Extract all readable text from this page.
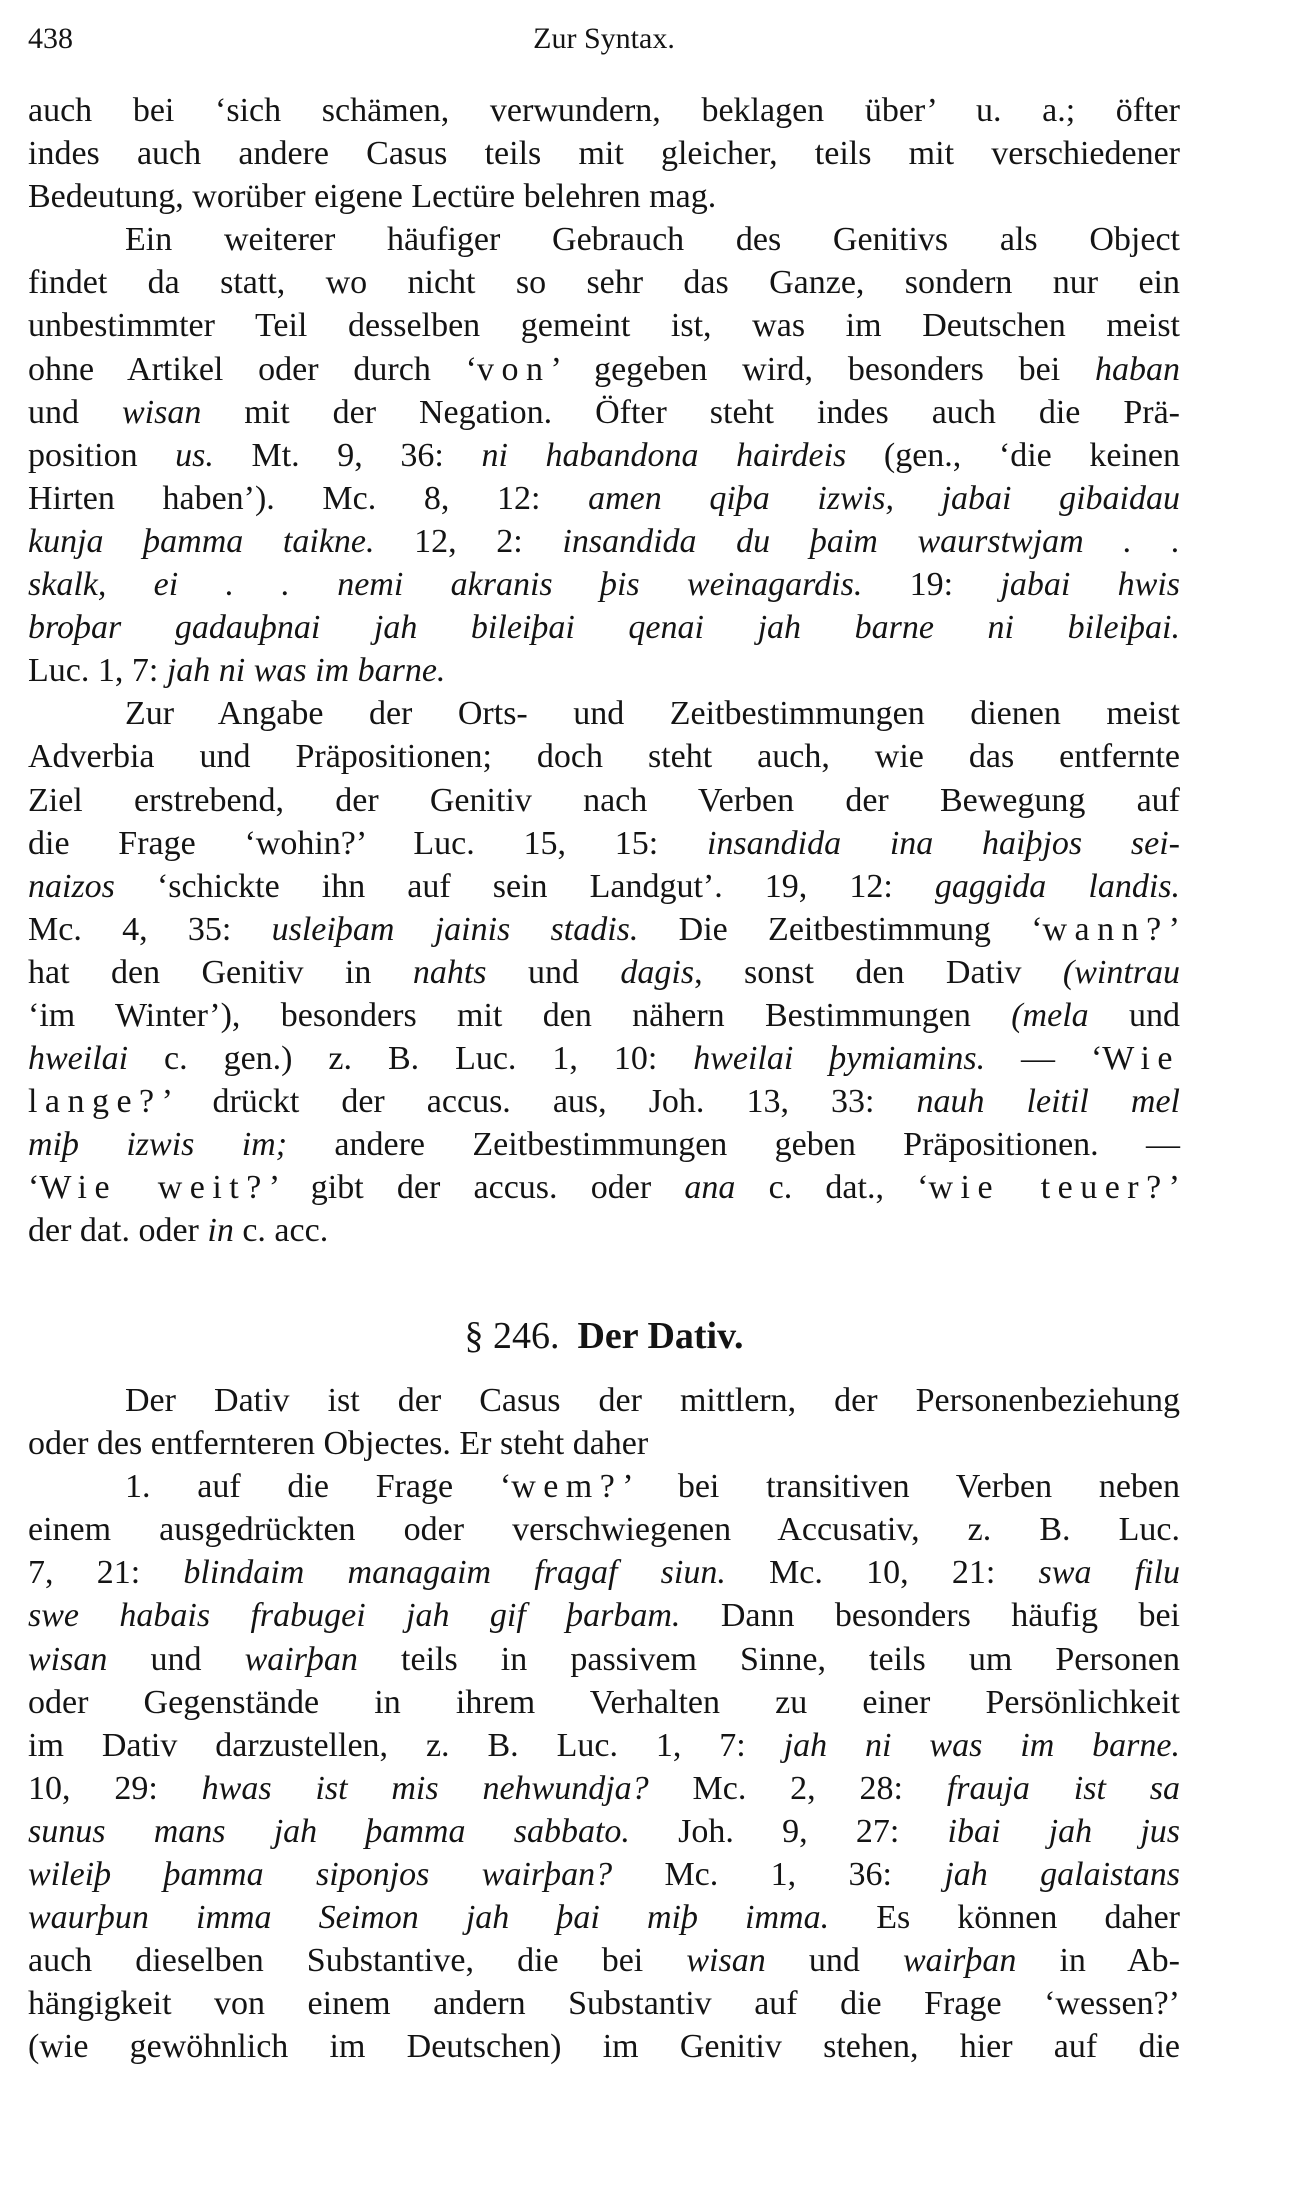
438	Zur Syntax.
auch bei ‘sich schämen, verwundern, beklagen über’ u. a.; öfter
indes auch andere Casus teils mit gleicher, teils mit verschiedener
Bedeutung, worüber eigene Lectüre belehren mag.
Ein weiterer häufiger Gebrauch des Genitivs als Object
findet da statt, wo nicht so sehr das Ganze, sondern nur ein
unbestimmter Teil desselben gemeint ist, was im Deutschen meist
ohne Artikel oder durch ‘von’ gegeben wird, besonders bei haban
und wisan mit der Negation. Öfter steht indes auch die Prä-
position us. Mt. 9, 36: ni habandona hairdeis (gen., ‘die keinen
Hirten haben’). Mc. 8, 12: amen qiþa izwis, jabai gibaidau
kunja þamma taikne. 12, 2: insandida du þaim waurstwjam . .
skalk, ei . . nemi akranis þis weinagardis. 19: jabai hwis
broþar gadauþnai jah bileiþai qenai jah barne ni bileiþai.
Luc. 1, 7: jah ni was im barne.
Zur Angabe der Orts- und Zeitbestimmungen dienen meist
Adverbia und Präpositionen; doch steht auch, wie das entfernte
Ziel erstrebend, der Genitiv nach Verben der Bewegung auf
die Frage ‘wohin?’ Luc. 15, 15: insandida ina haiþjos sei-
naizos ‘schickte ihn auf sein Landgut’. 19, 12: gaggida landis.
Mc. 4, 35: usleiþam jainis stadis. Die Zeitbestimmung ‘wann?’
hat den Genitiv in nahts und dagis, sonst den Dativ (wintrau
‘im Winter’), besonders mit den nähern Bestimmungen (mela und
hweilai c. gen.) z. B. Luc. 1, 10: hweilai þymiamins. — ‘Wie
lange?’ drückt der accus. aus, Joh. 13, 33: nauh leitil mel
miþ izwis im; andere Zeitbestimmungen geben Präpositionen. —
‘Wie weit?’ gibt der accus. oder ana c. dat., ‘wie teuer?’
der dat. oder in c. acc.
§ 246. Der Dativ.
Der Dativ ist der Casus der mittlern, der Personenbeziehung
oder des entfernteren Objectes. Er steht daher
1. auf die Frage ‘wem?’ bei transitiven Verben neben
einem ausgedrückten oder verschwiegenen Accusativ, z. B. Luc.
7, 21: blindaim managaim fragaf siun. Mc. 10, 21: swa filu
swe habais frabugei jah gif þarbam. Dann besonders häufig bei
wisan und wairþan teils in passivem Sinne, teils um Personen
oder Gegenstände in ihrem Verhalten zu einer Persönlichkeit
im Dativ darzustellen, z. B. Luc. 1, 7: jah ni was im barne.
10, 29: hwas ist mis nehwundja? Mc. 2, 28: frauja ist sa
sunus mans jah þamma sabbato. Joh. 9, 27: ibai jah jus
wileiþ þamma siponjos wairþan? Mc. 1, 36: jah galaistans
waurþun imma Seimon jah þai miþ imma. Es können daher
auch dieselben Substantive, die bei wisan und wairþan in Ab-
hängigkeit von einem andern Substantiv auf die Frage ‘wessen?’
(wie gewöhnlich im Deutschen) im Genitiv stehen, hier auf die
